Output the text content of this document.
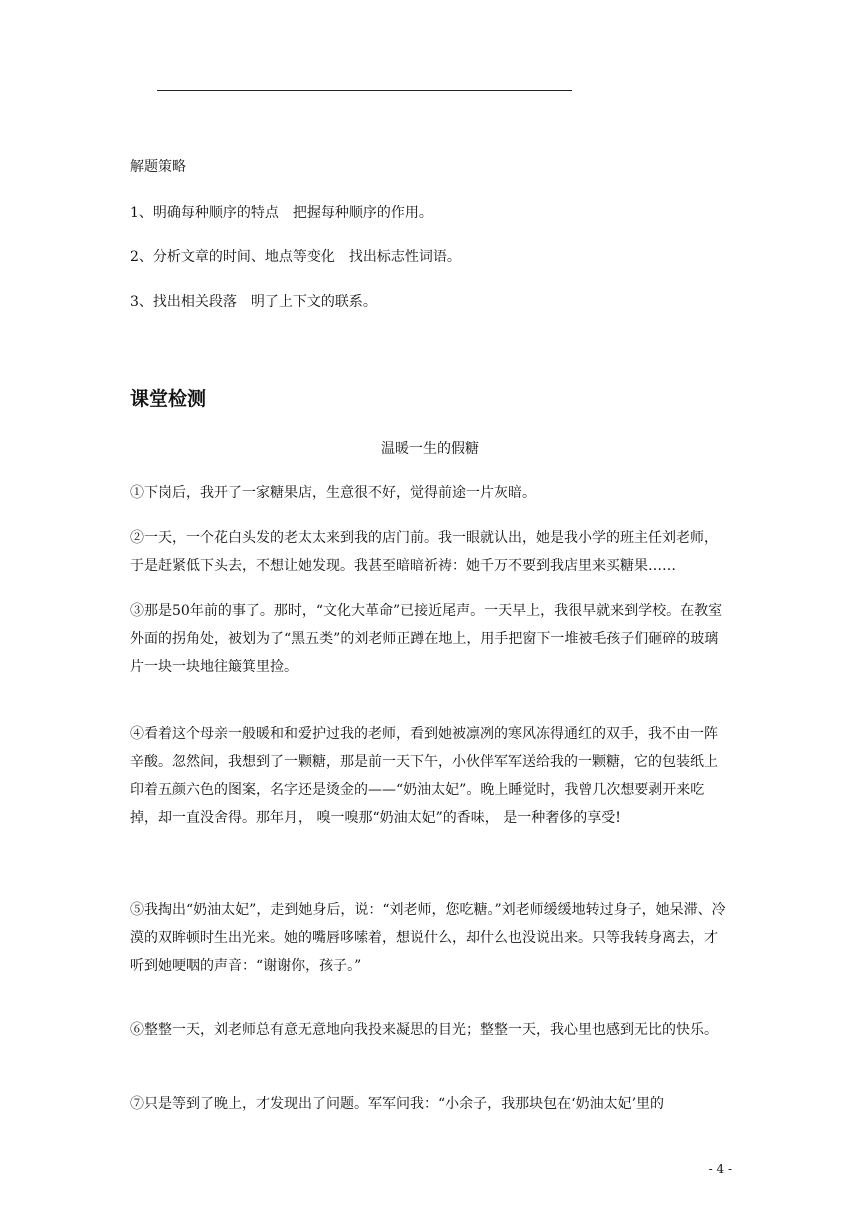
解题策略

1、明确每种顺序的特点　把握每种顺序的作用。

2、分析文章的时间、地点等变化　找出标志性词语。

3、找出相关段落　明了上下文的联系。

课堂检测
温暖一生的假糖

①下岗后，我开了一家糖果店，生意很不好，觉得前途一片灰暗。

②一天，一个花白头发的老太太来到我的店门前。我一眼就认出，她是我小学的班主任刘老师，于是赶紧低下头去，不想让她发现。我甚至暗暗祈祷：她千万不要到我店里来买糖果……

③那是50年前的事了。那时，“文化大革命”已接近尾声。一天早上，我很早就来到学校。在教室外面的拐角处，被划为了“黑五类”的刘老师正蹲在地上，用手把窗下一堆被毛孩子们砸碎的玻璃片一块一块地往簸箕里捡。

④看着这个母亲一般暖和和爱护过我的老师，看到她被凛冽的寒风冻得通红的双手，我不由一阵辛酸。忽然间，我想到了一颗糖，那是前一天下午，小伙伴军军送给我的一颗糖，它的包装纸上印着五颜六色的图案，名字还是烫金的——“奶油太妃”。晚上睡觉时，我曾几次想要剥开来吃掉，却一直没舍得。那年月， 嗅一嗅那“奶油太妃”的香味， 是一种奢侈的享受!

⑤我掏出“奶油太妃”，走到她身后，说：“刘老师，您吃糖。”刘老师缓缓地转过身子，她呆滞、冷漠的双眸顿时生出光来。她的嘴唇哆嗦着，想说什么，却什么也没说出来。只等我转身离去，才听到她哽咽的声音：“谢谢你，孩子。”

⑥整整一天，刘老师总有意无意地向我投来凝思的目光；整整一天，我心里也感到无比的快乐。

⑦只是等到了晚上，才发现出了问题。军军问我：“小余子，我那块包在‘奶油太妃’里的

- 4 -
